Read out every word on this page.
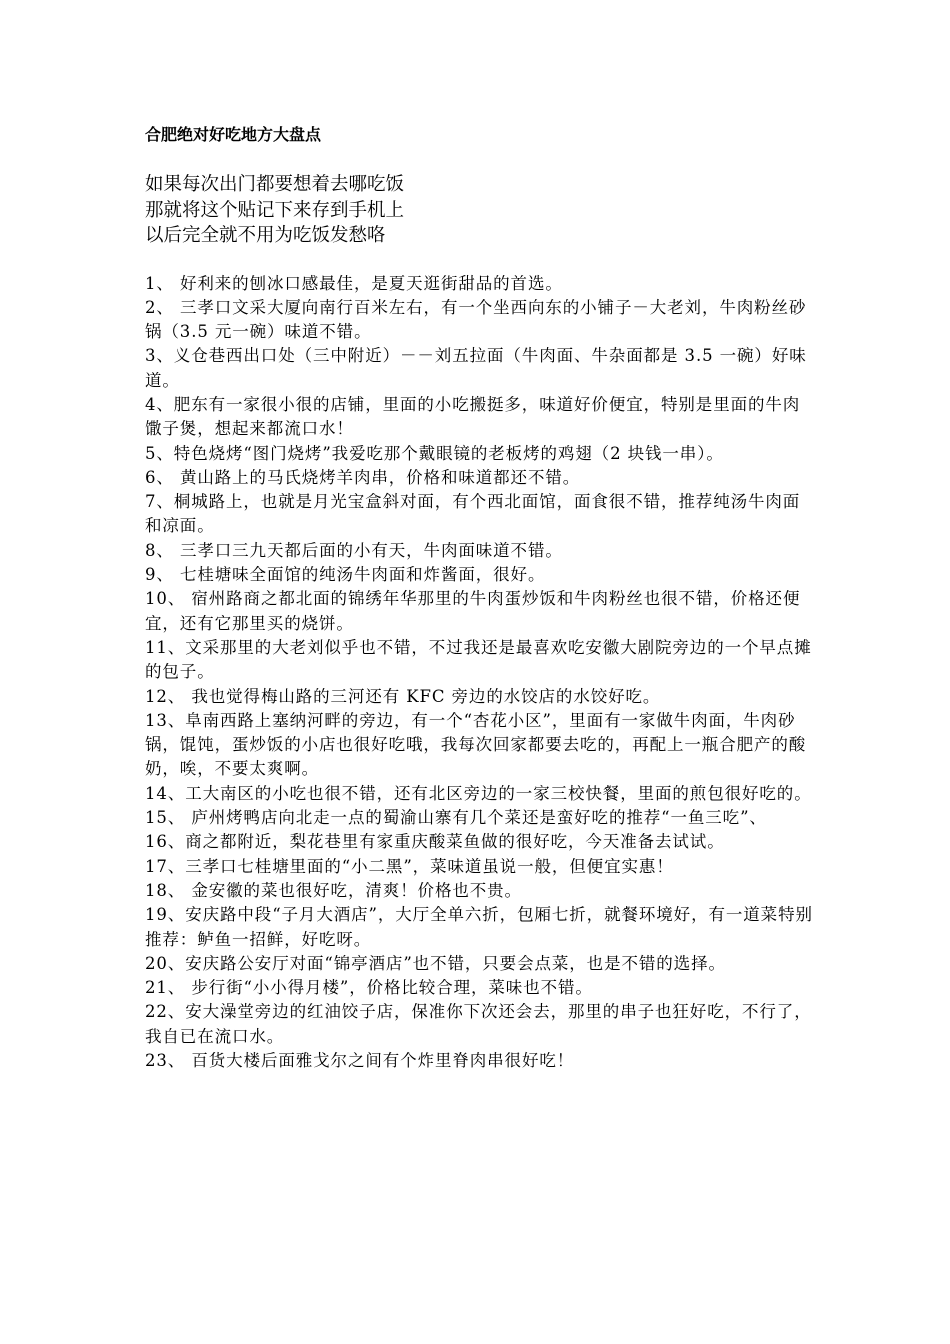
合肥绝对好吃地方大盘点
如果每次出门都要想着去哪吃饭
那就将这个贴记下来存到手机上
以后完全就不用为吃饭发愁咯
1、 好利来的刨冰口感最佳，是夏天逛街甜品的首选。
2、 三孝口文采大厦向南行百米左右，有一个坐西向东的小铺子－大老刘，牛肉粉丝砂锅（3.5 元一碗）味道不错。
3、义仓巷西出口处（三中附近）－－刘五拉面（牛肉面、牛杂面都是 3.5 一碗）好味道。
4、肥东有一家很小很的店铺，里面的小吃搬挺多，味道好价便宜，特别是里面的牛肉馓子煲，想起来都流口水！
5、特色烧烤“图门烧烤”我爱吃那个戴眼镜的老板烤的鸡翅（2 块钱一串）。
6、 黄山路上的马氏烧烤羊肉串，价格和味道都还不错。
7、桐城路上，也就是月光宝盒斜对面，有个西北面馆，面食很不错，推荐纯汤牛肉面和凉面。
8、 三孝口三九天都后面的小有天，牛肉面味道不错。
9、 七桂塘味全面馆的纯汤牛肉面和炸酱面，很好。
10、 宿州路商之都北面的锦绣年华那里的牛肉蛋炒饭和牛肉粉丝也很不错，价格还便宜，还有它那里买的烧饼。
11、文采那里的大老刘似乎也不错，不过我还是最喜欢吃安徽大剧院旁边的一个早点摊的包子。
12、 我也觉得梅山路的三河还有 KFC 旁边的水饺店的水饺好吃。
13、阜南西路上塞纳河畔的旁边，有一个“杏花小区”，里面有一家做牛肉面，牛肉砂锅，馄饨，蛋炒饭的小店也很好吃哦，我每次回家都要去吃的，再配上一瓶合肥产的酸奶，唉，不要太爽啊。
14、工大南区的小吃也很不错，还有北区旁边的一家三校快餐，里面的煎包很好吃的。
15、 庐州烤鸭店向北走一点的蜀渝山寨有几个菜还是蛮好吃的推荐“一鱼三吃”、
16、商之都附近，梨花巷里有家重庆酸菜鱼做的很好吃，今天准备去试试。
17、三孝口七桂塘里面的“小二黑”，菜味道虽说一般，但便宜实惠！
18、 金安徽的菜也很好吃，清爽！价格也不贵。
19、安庆路中段“子月大酒店”，大厅全单六折，包厢七折，就餐环境好，有一道菜特别推荐：鲈鱼一招鲜，好吃呀。
20、安庆路公安厅对面“锦亭酒店”也不错，只要会点菜，也是不错的选择。
21、 步行街“小小得月楼”，价格比较合理，菜味也不错。
22、安大澡堂旁边的红油饺子店，保准你下次还会去，那里的串子也狂好吃，不行了，我自已在流口水。
23、 百货大楼后面雅戈尔之间有个炸里脊肉串很好吃！
